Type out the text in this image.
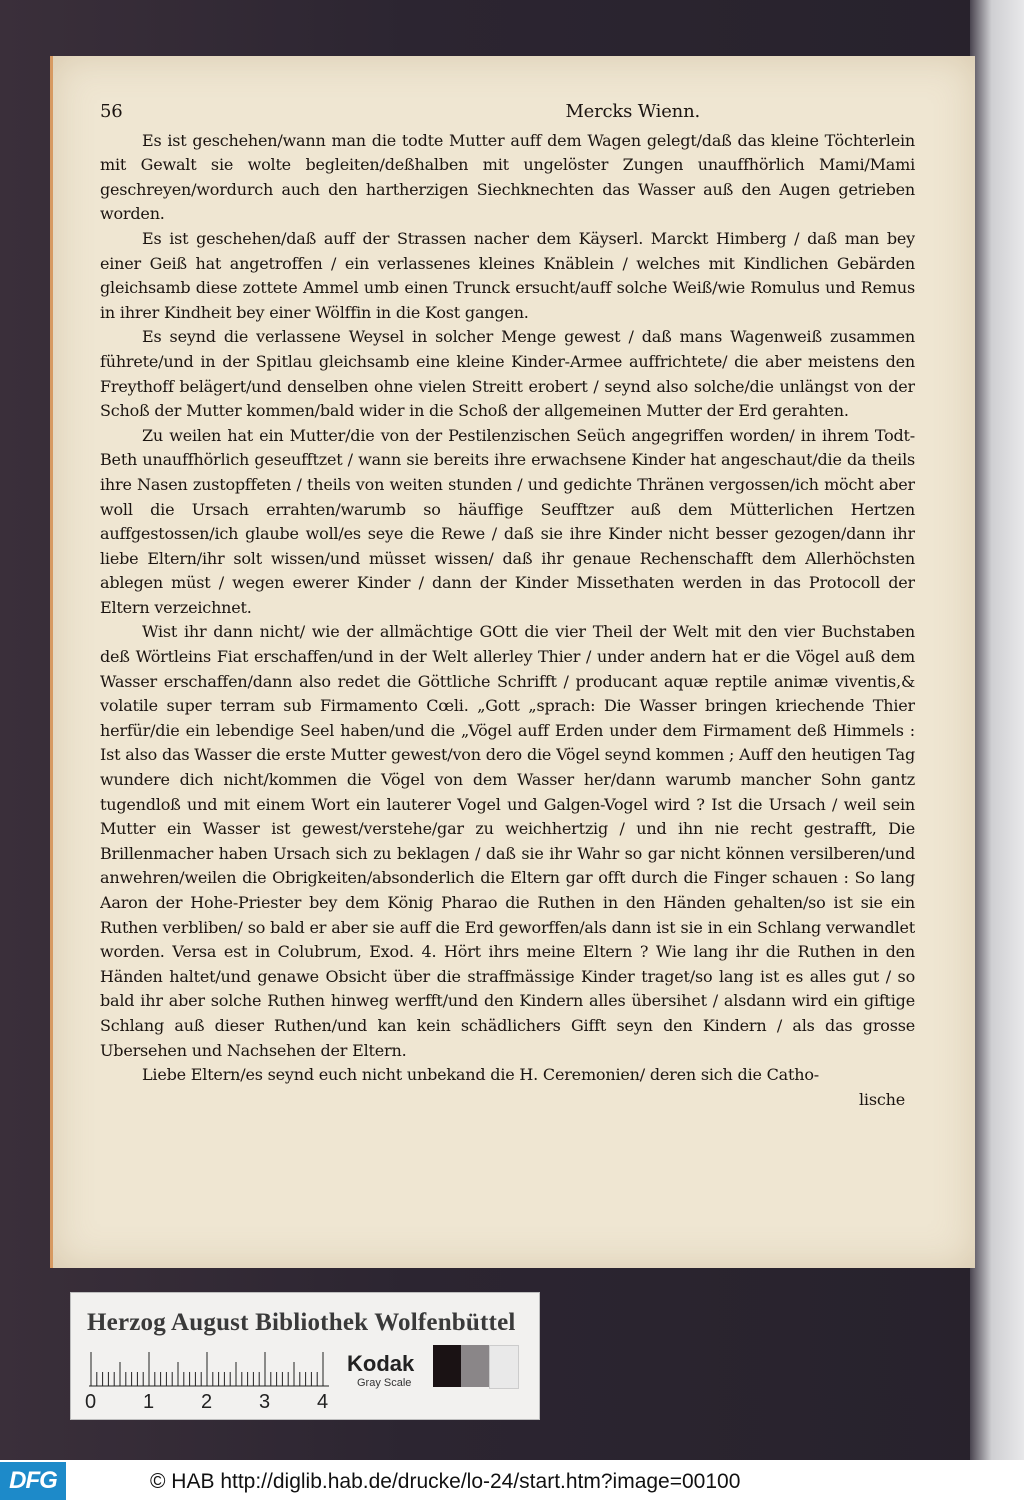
56	Mercks Wienn.

Es ist geschehen/wann man die todte Mutter auff dem Wagen gelegt/daß das kleine Töchterlein mit Gewalt sie wolte begleiten/deßhalben mit ungelöster Zungen unauffhörlich Mami/Mami geschreyen/wordurch auch den hartherzigen Siechknechten das Wasser auß den Augen getrieben worden.

Es ist geschehen/daß auff der Strassen nacher dem Käyserl. Marckt Himberg / daß man bey einer Geiß hat angetroffen / ein verlassenes kleines Knäblein / welches mit Kindlichen Gebärden gleichsamb diese zottete Ammel umb einen Trunck ersucht/auff solche Weiß/wie Romulus und Remus in ihrer Kindheit bey einer Wölffin in die Kost gangen.

Es seynd die verlassene Weysel in solcher Menge gewest / daß mans Wagenweiß zusammen führete/und in der Spitlau gleichsamb eine kleine Kinder-Armee auffrichtete/ die aber meistens den Freythoff belägert/und denselben ohne vielen Streitt erobert / seynd also solche/die unlängst von der Schoß der Mutter kommen/bald wider in die Schoß der allgemeinen Mutter der Erd gerahten.

Zu weilen hat ein Mutter/die von der Pestilenzischen Seüch angegriffen worden/ in ihrem Todt-Beth unauffhörlich geseufftzet / wann sie bereits ihre erwachsene Kinder hat angeschaut/die da theils ihre Nasen zustopffeten / theils von weiten stunden / und gedichte Thränen vergossen/ich möcht aber woll die Ursach errahten/warumb so häuffige Seufftzer auß dem Mütterlichen Hertzen auffgestossen/ich glaube woll/es seye die Rewe / daß sie ihre Kinder nicht besser gezogen/dann ihr liebe Eltern/ihr solt wissen/und müsset wissen/ daß ihr genaue Rechenschafft dem Allerhöchsten ablegen müst / wegen ewerer Kinder / dann der Kinder Missethaten werden in das Protocoll der Eltern verzeichnet.

Wist ihr dann nicht/ wie der allmächtige GOtt die vier Theil der Welt mit den vier Buchstaben deß Wörtleins Fiat erschaffen/und in der Welt allerley Thier / under andern hat er die Vögel auß dem Wasser erschaffen/dann also redet die Göttliche Schrifft / producant aquæ reptile animæ viventis,& volatile super terram sub Firmamento Cœli. „Gott „sprach: Die Wasser bringen kriechende Thier herfür/die ein lebendige Seel haben/und die „Vögel auff Erden under dem Firmament deß Himmels : Ist also das Wasser die erste Mutter gewest/von dero die Vögel seynd kommen ; Auff den heutigen Tag wundere dich nicht/kommen die Vögel von dem Wasser her/dann warumb mancher Sohn gantz tugendloß und mit einem Wort ein lauterer Vogel und Galgen-Vogel wird ? Ist die Ursach / weil sein Mutter ein Wasser ist gewest/verstehe/gar zu weichhertzig / und ihn nie recht gestrafft, Die Brillenmacher haben Ursach sich zu beklagen / daß sie ihr Wahr so gar nicht können versilberen/und anwehren/weilen die Obrigkeiten/absonderlich die Eltern gar offt durch die Finger schauen : So lang Aaron der Hohe-Priester bey dem König Pharao die Ruthen in den Händen gehalten/so ist sie ein Ruthen verbliben/ so bald er aber sie auff die Erd geworffen/als dann ist sie in ein Schlang verwandlet worden. Versa est in Colubrum, Exod. 4. Hört ihrs meine Eltern ? Wie lang ihr die Ruthen in den Händen haltet/und genawe Obsicht über die straffmässige Kinder traget/so lang ist es alles gut / so bald ihr aber solche Ruthen hinweg werfft/und den Kindern alles übersihet / alsdann wird ein giftige Schlang auß dieser Ruthen/und kan kein schädlichers Gifft seyn den Kindern / als das grosse Ubersehen und Nachsehen der Eltern.

Liebe Eltern/es seynd euch nicht unbekand die H. Ceremonien/ deren sich die Catho-

lische
Herzog August Bibliothek Wolfenbüttel
0 1 2 3 4
Kodak
Gray Scale
DFG	© HAB http://diglib.hab.de/drucke/lo-24/start.htm?image=00100
